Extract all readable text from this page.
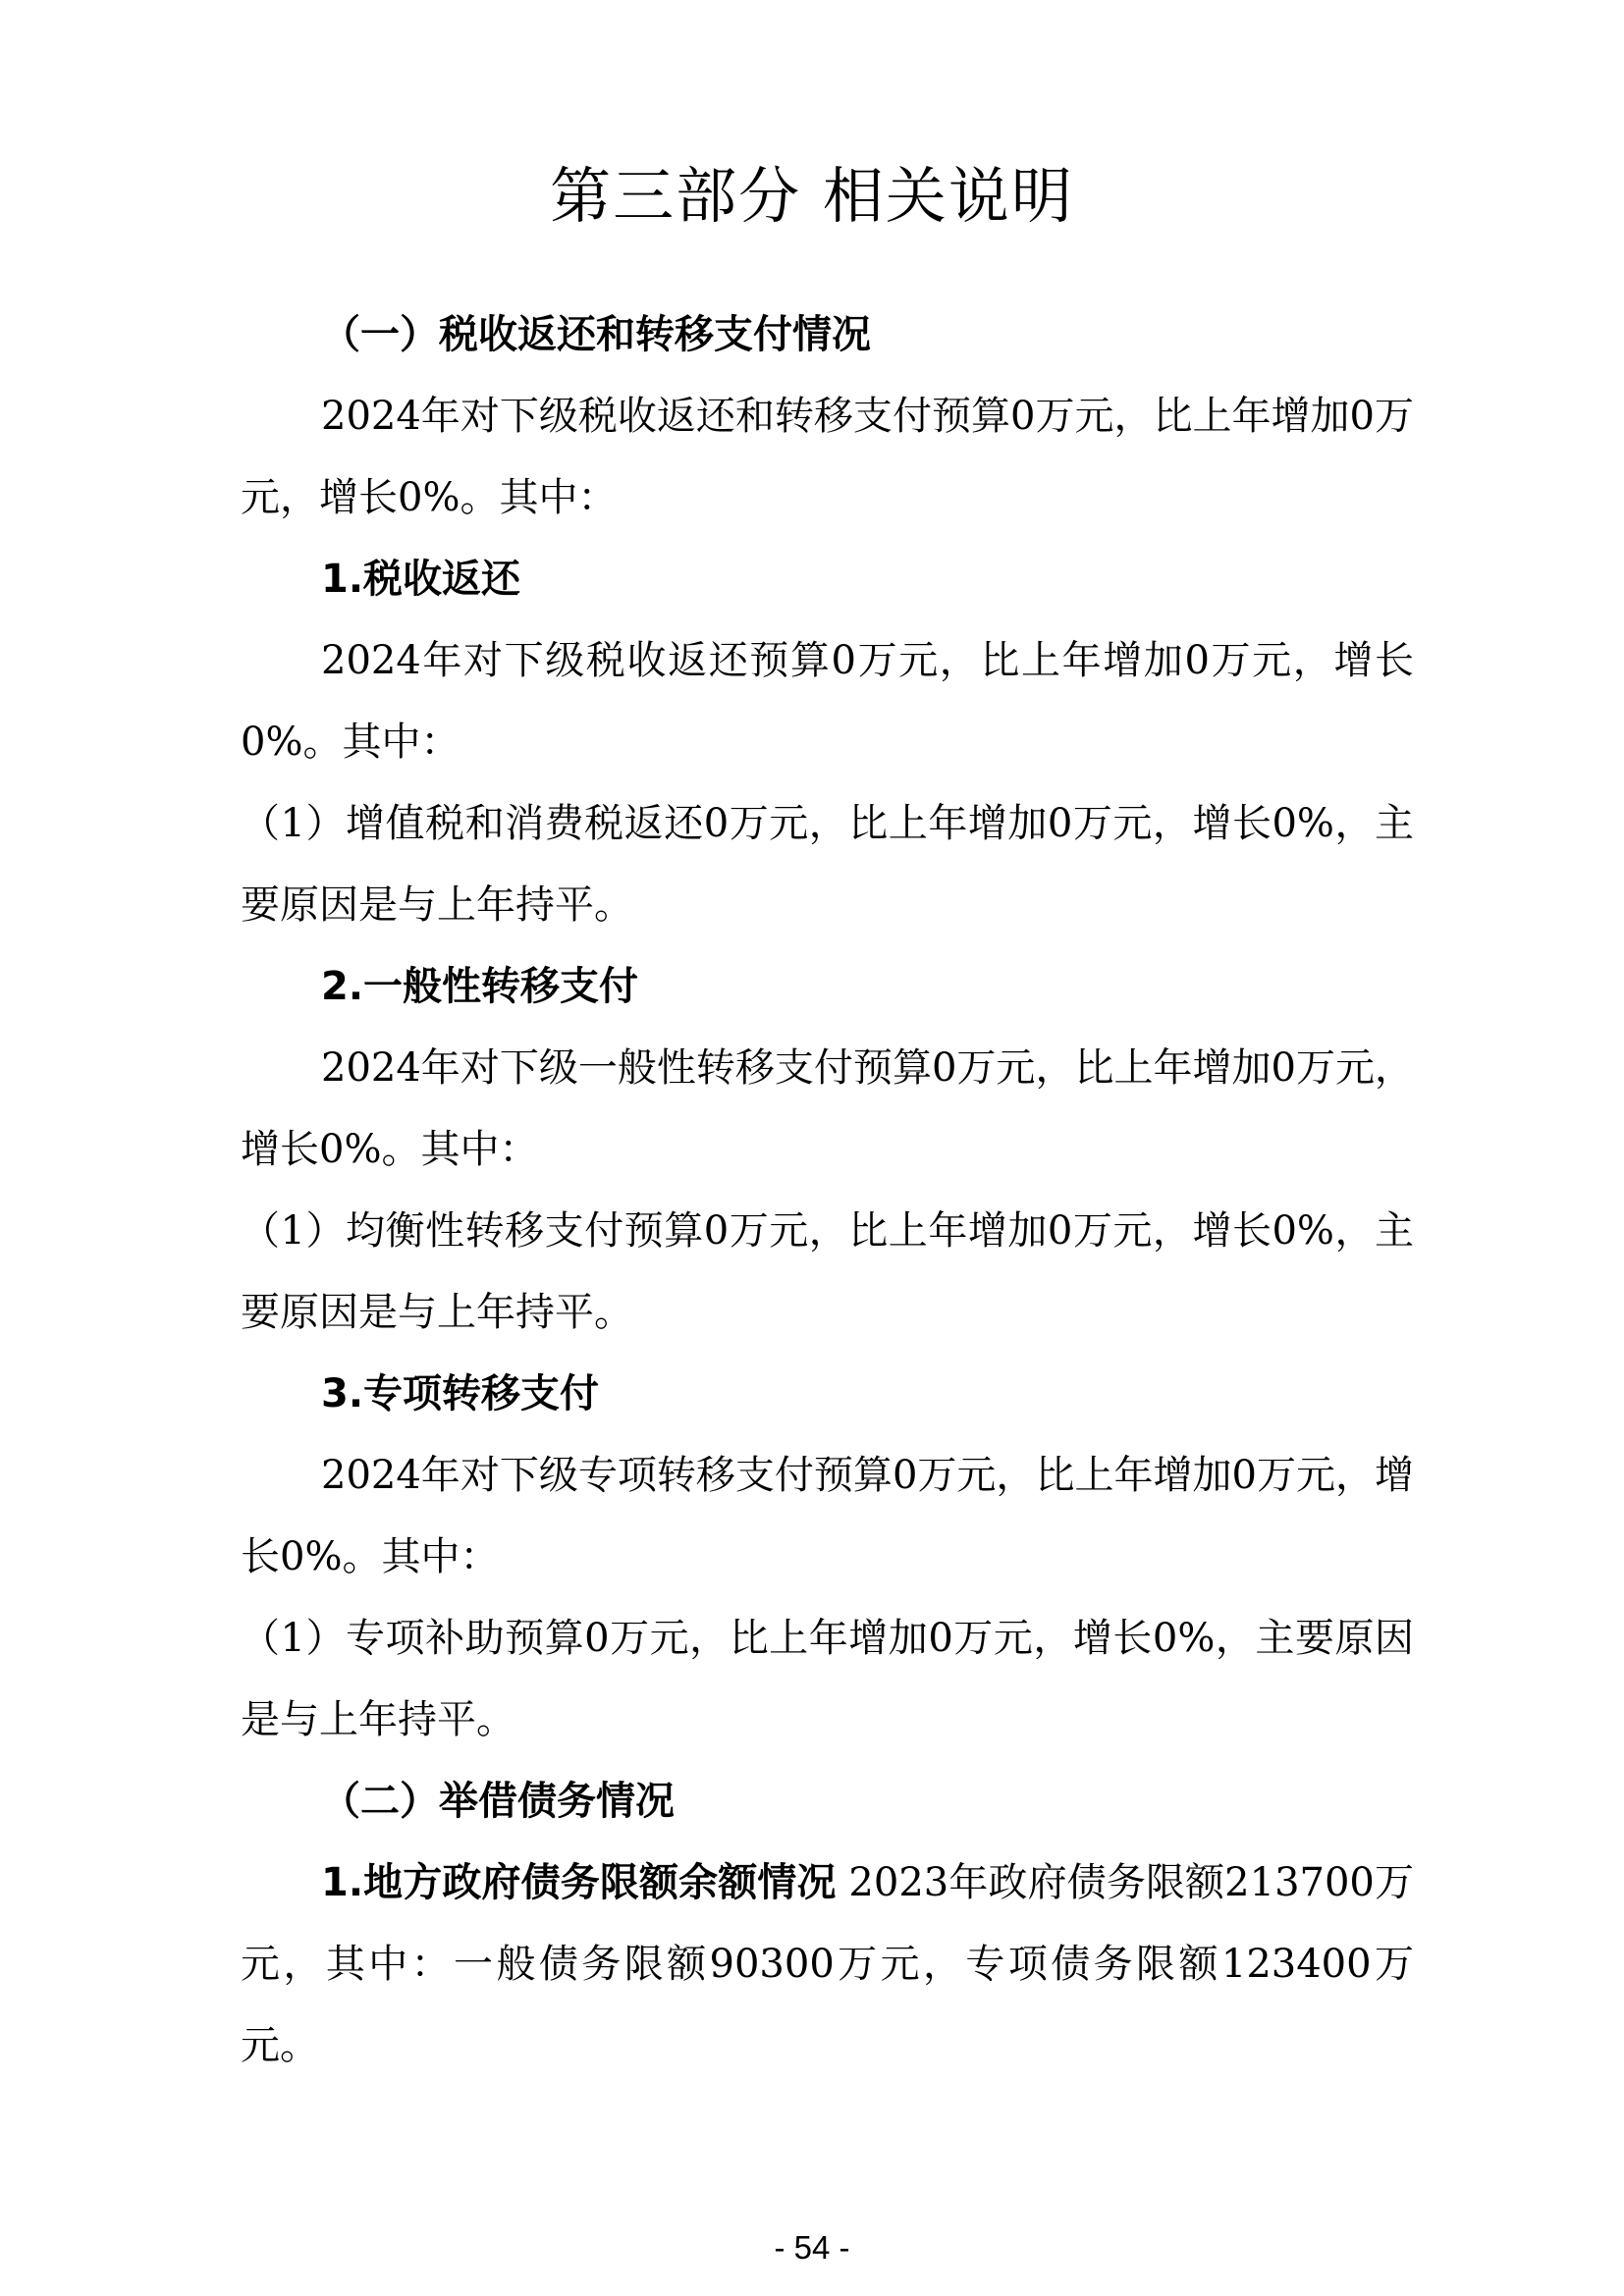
第三部分 相关说明

（一）税收返还和转移支付情况

2024年对下级税收返还和转移支付预算0万元，比上年增加0万元，增长0%。其中：

1.税收返还

2024年对下级税收返还预算0万元，比上年增加0万元，增长0%。其中：

（1）增值税和消费税返还0万元，比上年增加0万元，增长0%，主要原因是与上年持平。

2.一般性转移支付

2024年对下级一般性转移支付预算0万元，比上年增加0万元，增长0%。其中：

（1）均衡性转移支付预算0万元，比上年增加0万元，增长0%，主要原因是与上年持平。

3.专项转移支付

2024年对下级专项转移支付预算0万元，比上年增加0万元，增长0%。其中：

（1）专项补助预算0万元，比上年增加0万元，增长0%，主要原因是与上年持平。

（二）举借债务情况

1.地方政府债务限额余额情况 2023年政府债务限额213700万元，其中：一般债务限额90300万元，专项债务限额123400万元。

- 54 -
